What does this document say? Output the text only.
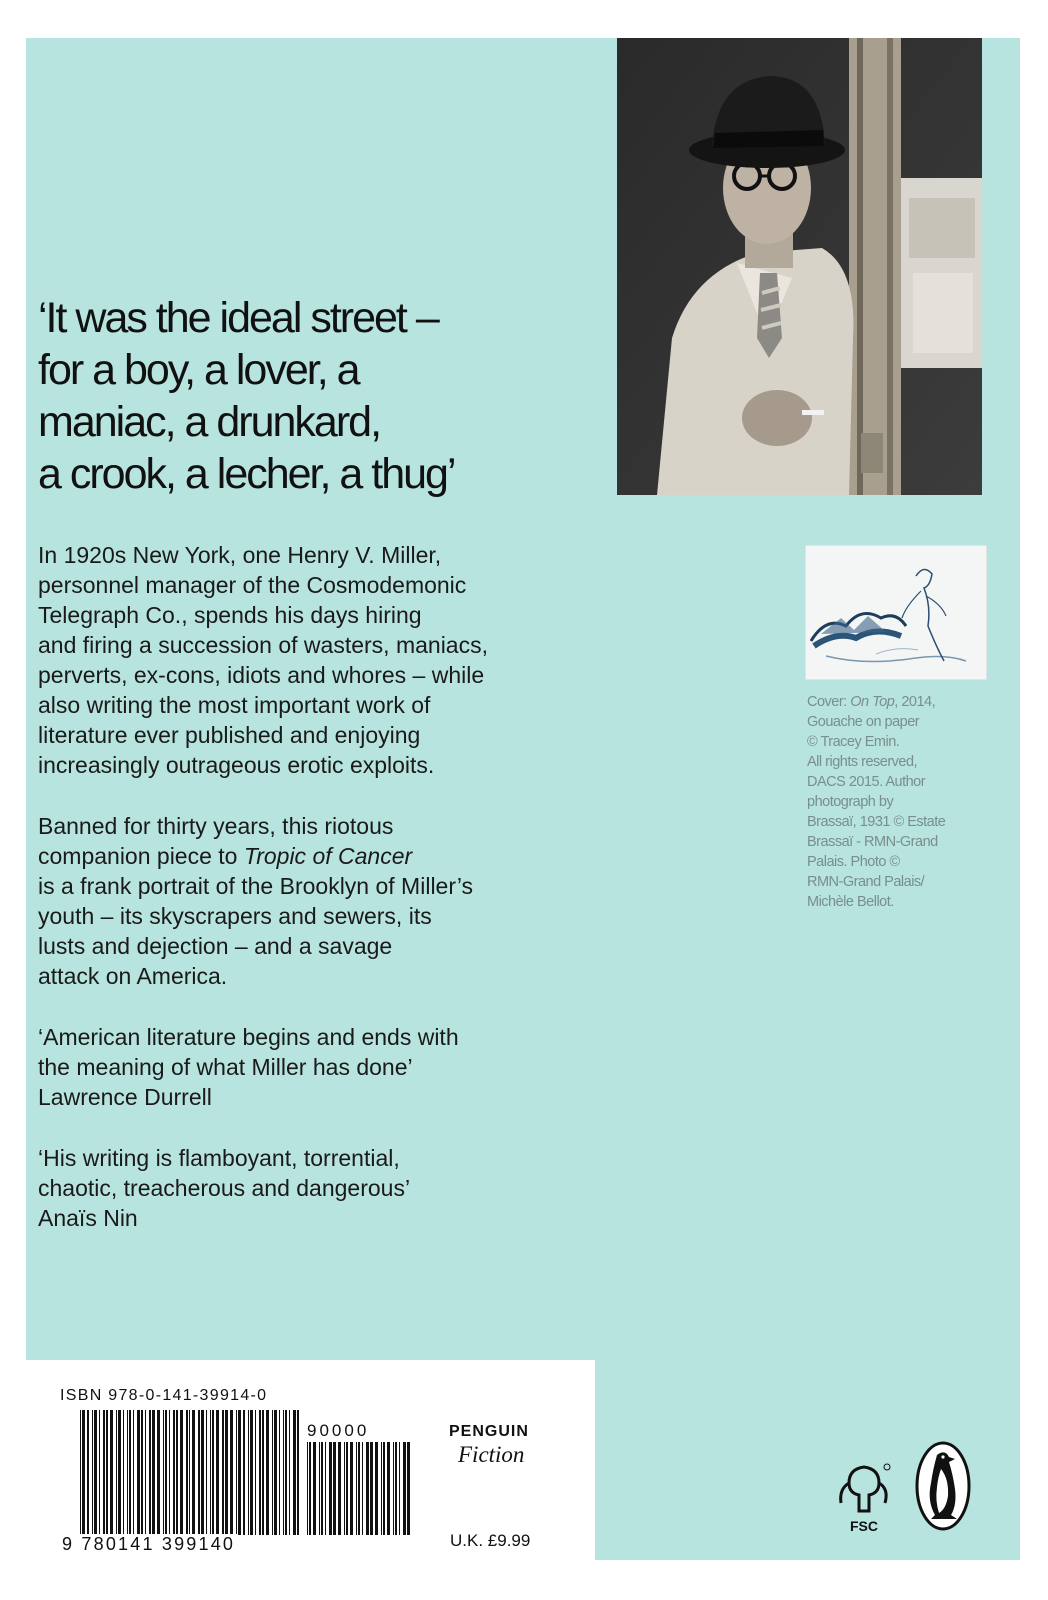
‘It was the ideal street –
for a boy, a lover, a
maniac, a drunkard,
a crook, a lecher, a thug’
In 1920s New York, one Henry V. Miller,
personnel manager of the Cosmodemonic
Telegraph Co., spends his days hiring
and firing a succession of wasters, maniacs,
perverts, ex-cons, idiots and whores – while
also writing the most important work of
literature ever published and enjoying
increasingly outrageous erotic exploits.
Banned for thirty years, this riotous
companion piece to Tropic of Cancer
is a frank portrait of the Brooklyn of Miller’s
youth – its skyscrapers and sewers, its
lusts and dejection – and a savage
attack on America.
‘American literature begins and ends with
the meaning of what Miller has done’
Lawrence Durrell
‘His writing is flamboyant, torrential,
chaotic, treacherous and dangerous’
Anaïs Nin
Cover: On Top, 2014,
Gouache on paper
© Tracey Emin.
All rights reserved,
DACS 2015. Author
photograph by
Brassaï, 1931 © Estate
Brassaï - RMN-Grand
Palais. Photo ©
RMN-Grand Palais/
Michèle Bellot.
ISBN 978-0-141-39914-0
90000
9 780141 399140
PENGUIN
Fiction
U.K. £9.99
FSC
